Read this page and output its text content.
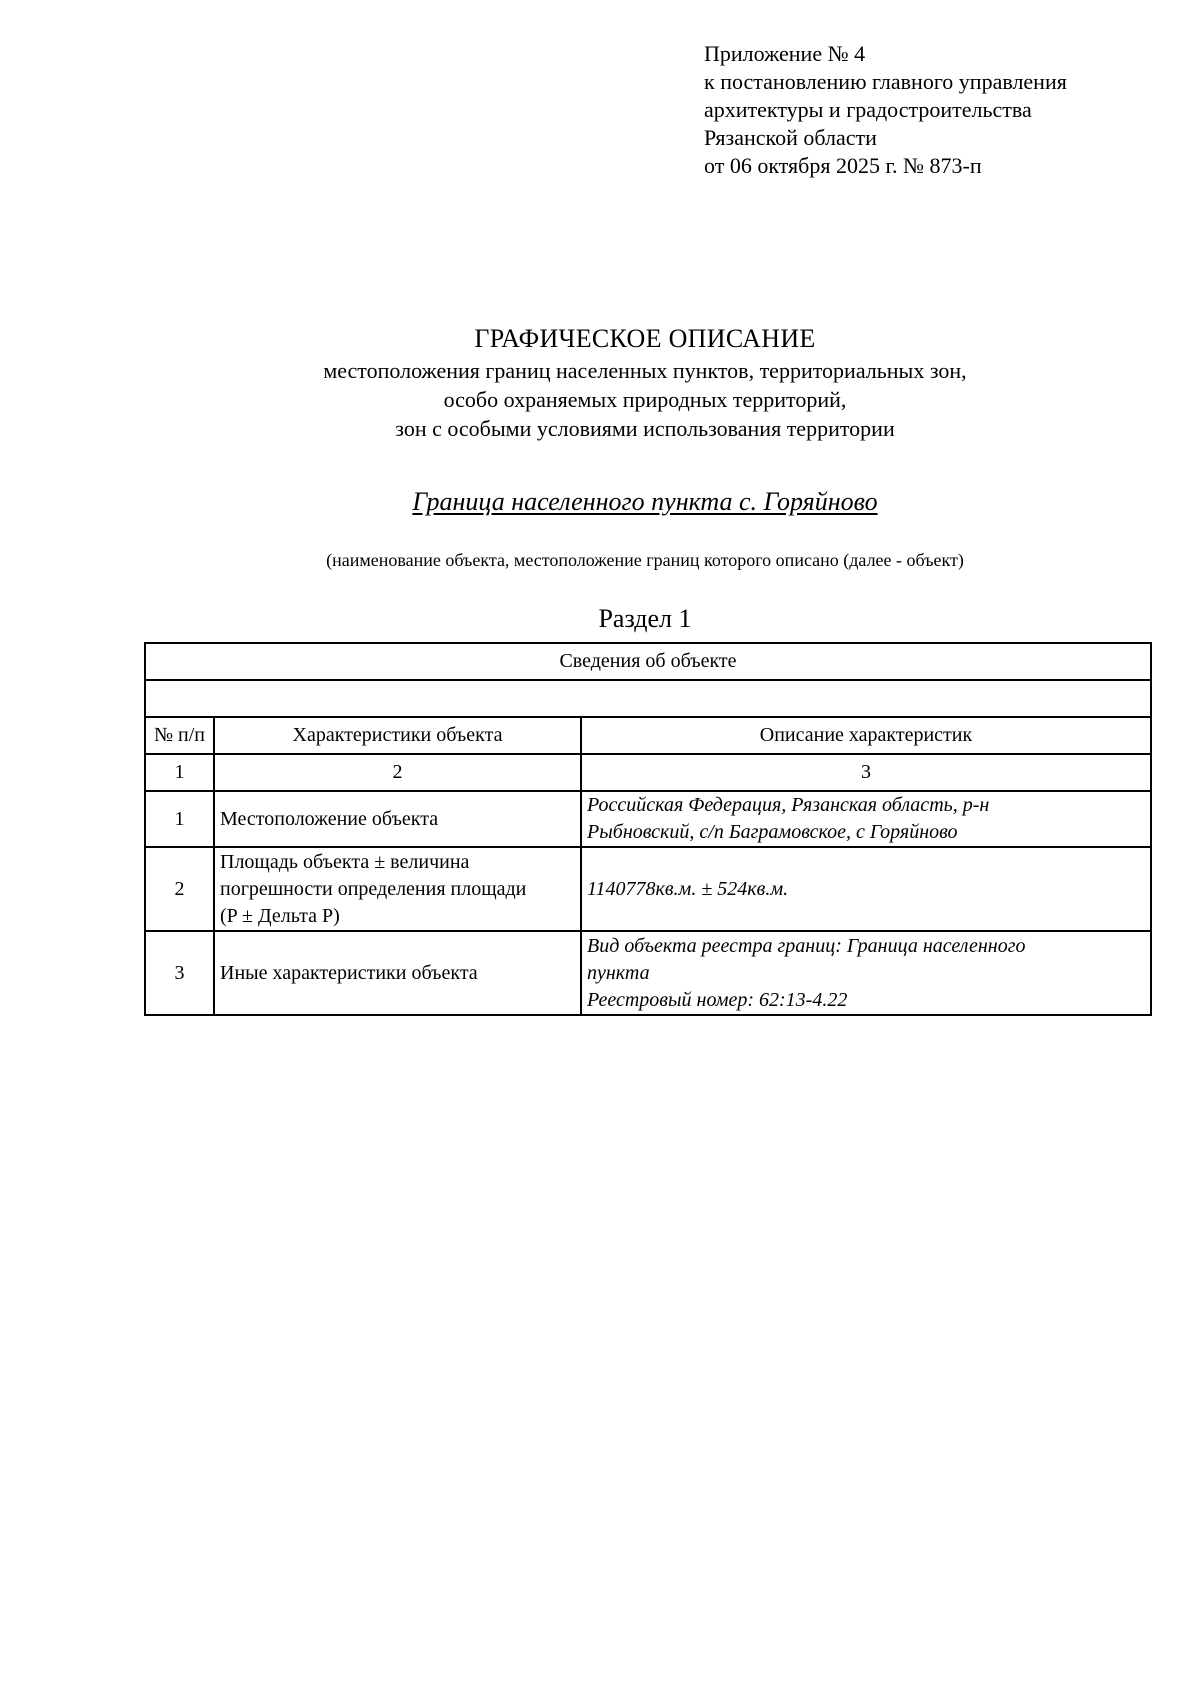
Приложение № 4
к постановлению главного управления
архитектуры и градостроительства
Рязанской области
от 06 октября 2025 г. № 873-п
ГРАФИЧЕСКОЕ ОПИСАНИЕ
местоположения границ населенных пунктов, территориальных зон,
особо охраняемых природных территорий,
зон с особыми условиями использования территории
Граница населенного пункта с. Горяйново
(наименование объекта, местоположение границ которого описано (далее - объект)
Раздел 1
Сведения об объекте		

№ п/п	Характеристики объекта	Описание характеристик
1	2	3
1	Местоположение объекта	Российская Федерация, Рязанская область, р-н
Рыбновский, с/п Баграмовское, с Горяйново

2	Площадь объекта ± величина
погрешности определения площади
(P ± Дельта P)	1140778кв.м. ± 524кв.м.
3	Иные характеристики объекта	Вид объекта реестра границ: Граница населенного
пункта
Реестровый номер: 62:13-4.22
